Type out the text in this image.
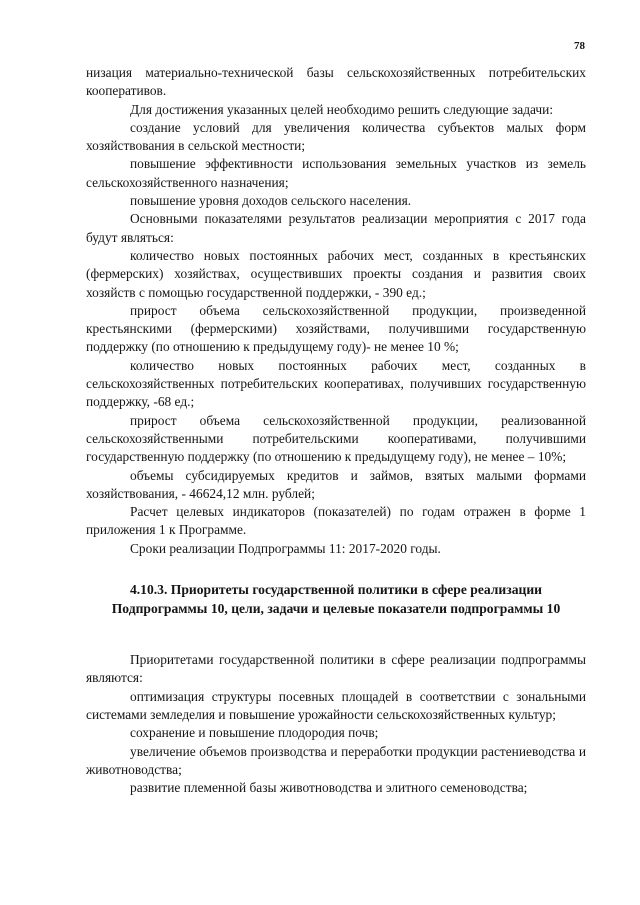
78

низация материально-технической базы сельскохозяйственных потребительских кооперативов.

Для достижения указанных целей необходимо решить следующие задачи:

создание условий для увеличения количества субъектов малых форм хозяйствования в сельской местности;

повышение эффективности использования земельных участков из земель сельскохозяйственного назначения;

повышение уровня доходов сельского населения.

Основными показателями результатов реализации мероприятия с 2017 года будут являться:

количество новых постоянных рабочих мест, созданных в крестьянских (фермерских) хозяйствах, осуществивших проекты создания и развития своих хозяйств с помощью государственной поддержки, - 390 ед.;

прирост объема сельскохозяйственной продукции, произведенной крестьянскими (фермерскими) хозяйствами, получившими государственную поддержку (по отношению к предыдущему году)- не менее 10 %;

количество новых постоянных рабочих мест, созданных в сельскохозяйственных потребительских кооперативах, получивших государственную поддержку, -68 ед.;

прирост объема сельскохозяйственной продукции, реализованной сельскохозяйственными потребительскими кооперативами, получившими государственную поддержку (по отношению к предыдущему году), не менее – 10%;

объемы субсидируемых кредитов и займов, взятых малыми формами хозяйствования, - 46624,12 млн. рублей;

Расчет целевых индикаторов (показателей) по годам отражен в форме 1 приложения 1 к Программе.

Сроки реализации Подпрограммы 11: 2017-2020 годы.

4.10.3. Приоритеты государственной политики в сфере реализации Подпрограммы 10, цели, задачи и целевые показатели подпрограммы 10

Приоритетами государственной политики в сфере реализации подпрограммы являются:

оптимизация структуры посевных площадей в соответствии с зональными системами земледелия и повышение урожайности сельскохозяйственных культур;

сохранение и повышение плодородия почв;

увеличение объемов производства и переработки продукции растениеводства и животноводства;

развитие племенной базы животноводства и элитного семеноводства;
